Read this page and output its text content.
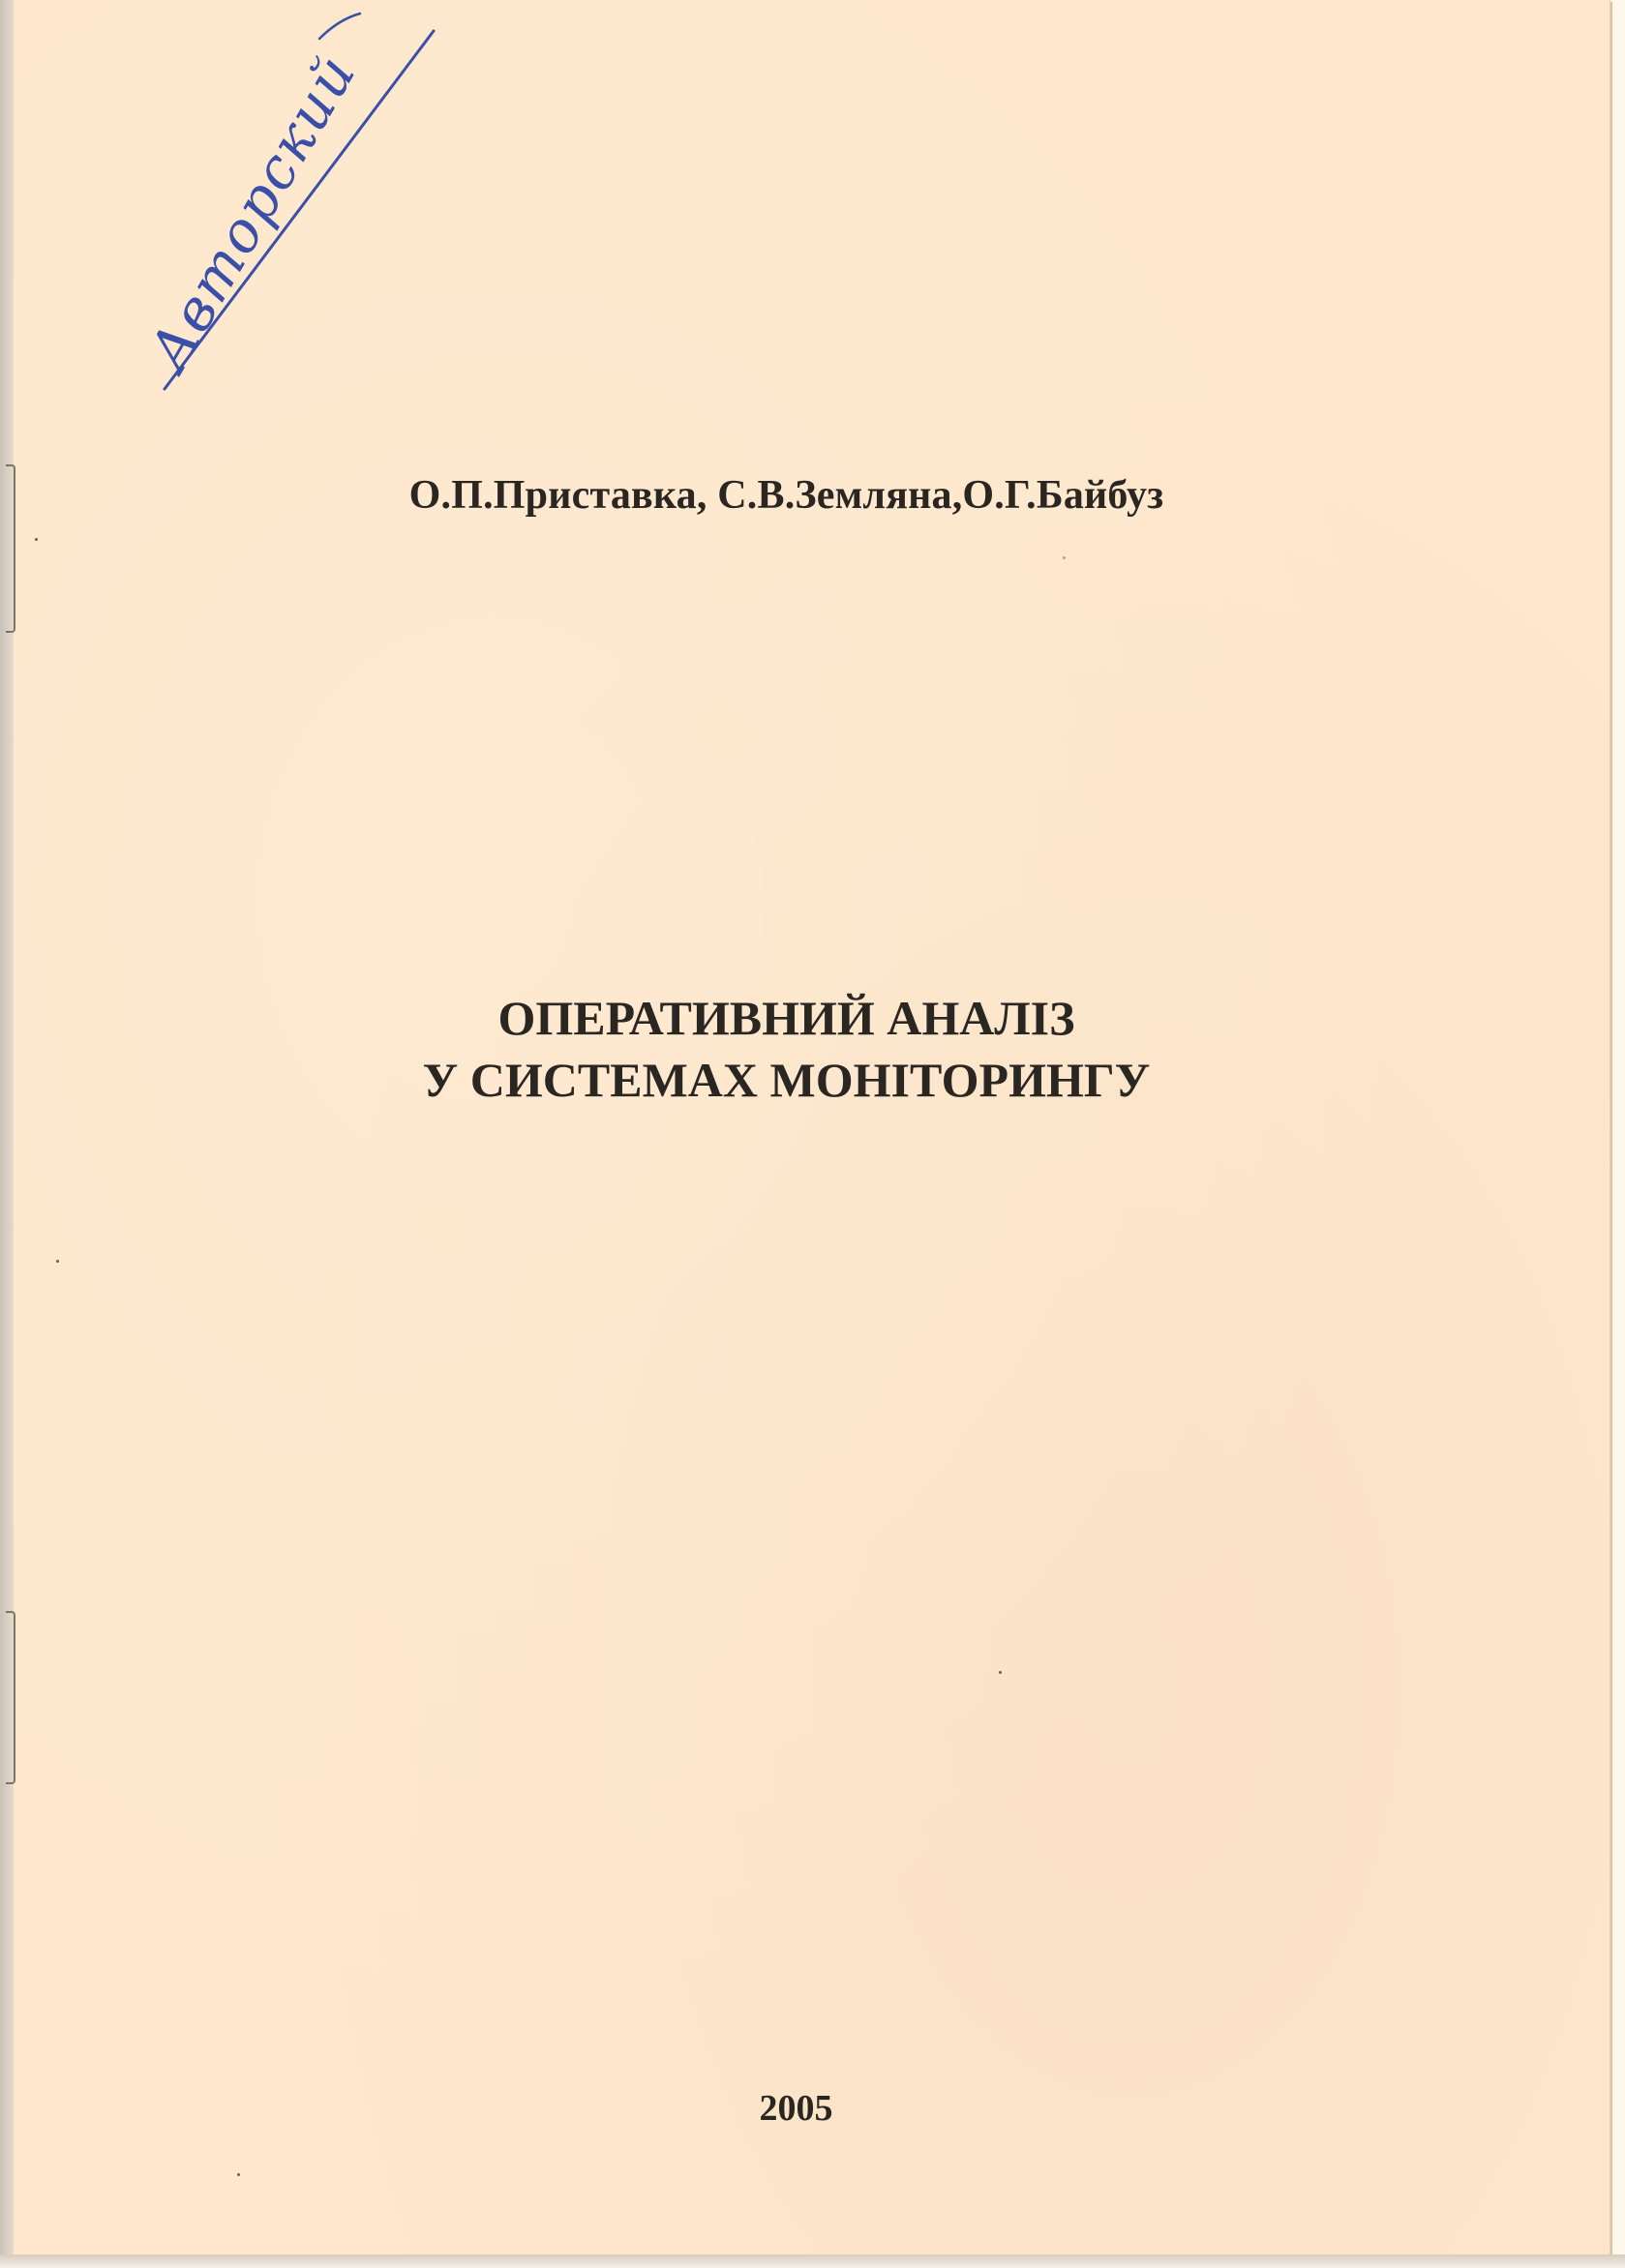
Авторский
О.П.Приставка, С.В.Земляна,О.Г.Байбуз
ОПЕРАТИВНИЙ АНАЛІЗ
У СИСТЕМАХ МОНІТОРИНГУ
2005
